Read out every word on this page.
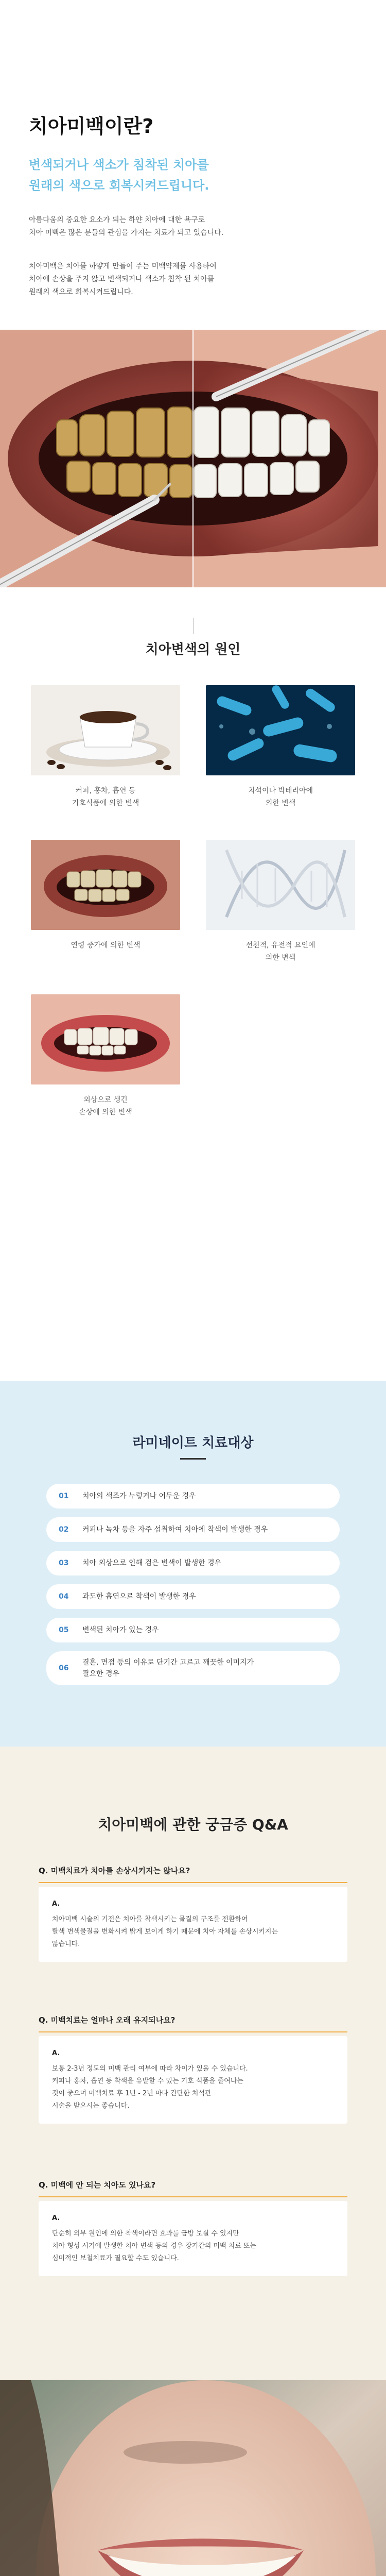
치아미백이란?
변색되거나 색소가 침착된 치아를
원래의 색으로 회복시켜드립니다.
아름다움의 중요한 요소가 되는 하얀 치아에 대한 욕구로
치아 미백은 많은 분들의 관심을 가지는 치료가 되고 있습니다.
치아미백은 치아를 하얗게 만들어 주는 미백약제를 사용하여
치아에 손상을 주지 않고 변색되거나 색소가 침착 된 치아를
원래의 색으로 회복시켜드립니다.
치아변색의 원인
커피, 홍차, 흡연 등
기호식품에 의한 변색
치석이나 박테리아에
의한 변색
연령 증가에 의한 변색	선천적, 유전적 요인에
의한 변색
외상으로 생긴
손상에 의한 변색
라미네이트 치료대상
01	치아의 색조가 누렇거나 어두운 경우
02	커피나 녹차 등을 자주 섭취하여 치아에 착색이 발생한 경우
03	치아 외상으로 인해 검은 변색이 발생한 경우
04	과도한 흡연으로 착색이 발생한 경우
05	변색된 치아가 있는 경우
06
결혼, 면접 등의 이유로 단기간 고르고 깨끗한 이미지가
필요한 경우
치아미백에 관한 궁금증 Q&A
Q. 미백치료가 치아를 손상시키지는 않나요?
A.
치아미백 시술의 기전은 치아를 착색시키는 물질의 구조를 전환하여
탈색 변색물질을 변화시켜 밝게 보이게 하기 때문에 치아 자체를 손상시키지는
않습니다.
Q. 미백치료는 얼마나 오래 유지되나요?
A.
보통 2-3년 정도의 미백 관리 여부에 따라 차이가 있을 수 있습니다.
커피나 홍차, 흡연 등 착색을 유발할 수 있는 기호 식품을 줄여나는
것이 좋으며 미백치료 후 1년 - 2년 마다 간단한 치석관
시술을 받으시는 좋습니다.
Q. 미백에 안 되는 치아도 있나요?
A.
단순히 외부 원인에 의한 착색이라면 효과를 금방 보실 수 있지만
치아 형성 시기에 발생한 치아 변색 등의 경우 장기간의 미백 치료 또는
심미적인 보철치료가 필요할 수도 있습니다.
